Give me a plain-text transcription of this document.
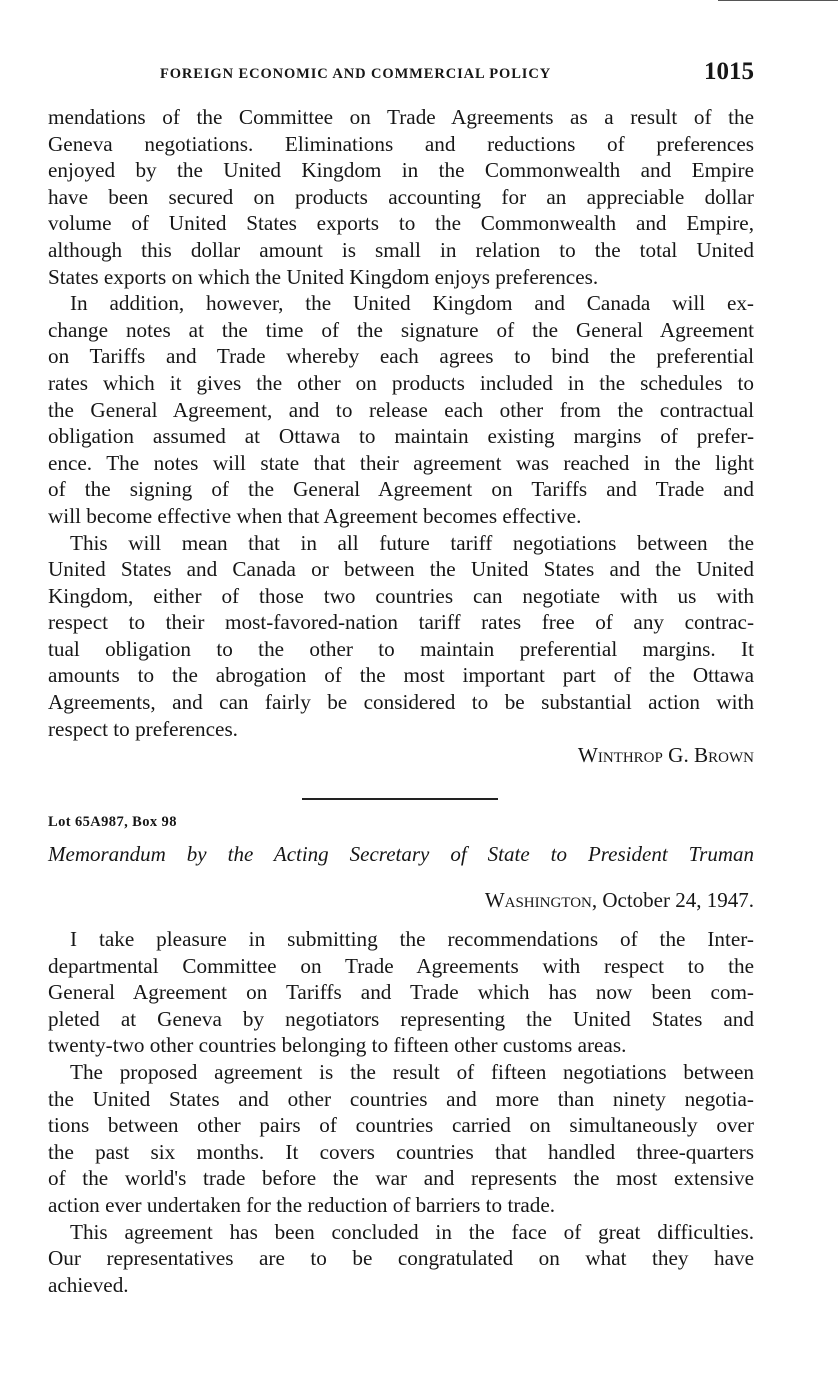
FOREIGN ECONOMIC AND COMMERCIAL POLICY	1015
mendations of the Committee on Trade Agreements as a result of the
Geneva negotiations. Eliminations and reductions of preferences
enjoyed by the United Kingdom in the Commonwealth and Empire
have been secured on products accounting for an appreciable dollar
volume of United States exports to the Commonwealth and Empire,
although this dollar amount is small in relation to the total United
States exports on which the United Kingdom enjoys preferences.
In addition, however, the United Kingdom and Canada will ex-
change notes at the time of the signature of the General Agreement
on Tariffs and Trade whereby each agrees to bind the preferential
rates which it gives the other on products included in the schedules to
the General Agreement, and to release each other from the contractual
obligation assumed at Ottawa to maintain existing margins of prefer-
ence. The notes will state that their agreement was reached in the light
of the signing of the General Agreement on Tariffs and Trade and
will become effective when that Agreement becomes effective.
This will mean that in all future tariff negotiations between the
United States and Canada or between the United States and the United
Kingdom, either of those two countries can negotiate with us with
respect to their most-favored-nation tariff rates free of any contrac-
tual obligation to the other to maintain preferential margins. It
amounts to the abrogation of the most important part of the Ottawa
Agreements, and can fairly be considered to be substantial action with
respect to preferences.
Winthrop G. Brown
Lot 65A987, Box 98
Memorandum by the Acting Secretary of State to President Truman
Washington, October 24, 1947.
I take pleasure in submitting the recommendations of the Inter-
departmental Committee on Trade Agreements with respect to the
General Agreement on Tariffs and Trade which has now been com-
pleted at Geneva by negotiators representing the United States and
twenty-two other countries belonging to fifteen other customs areas.
The proposed agreement is the result of fifteen negotiations between
the United States and other countries and more than ninety negotia-
tions between other pairs of countries carried on simultaneously over
the past six months. It covers countries that handled three-quarters
of the world's trade before the war and represents the most extensive
action ever undertaken for the reduction of barriers to trade.
This agreement has been concluded in the face of great difficulties.
Our representatives are to be congratulated on what they have
achieved.
